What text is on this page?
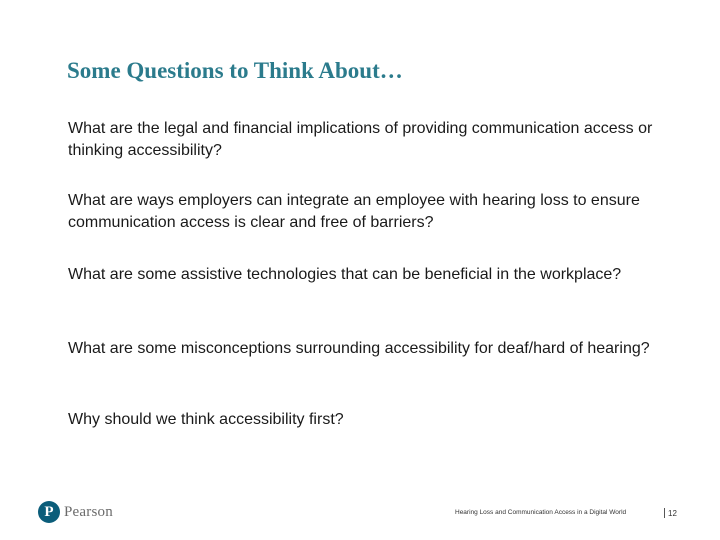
Some Questions to Think About…

What are the legal and financial implications of providing communication access or thinking accessibility?

What are ways employers can integrate an employee with hearing loss to ensure communication access is clear and free of barriers?

What are some assistive technologies that can be beneficial in the workplace?

What are some misconceptions surrounding accessibility for deaf/hard of hearing?

Why should we think accessibility first?

P Pearson	Hearing Loss and Communication Access in a Digital World	12
